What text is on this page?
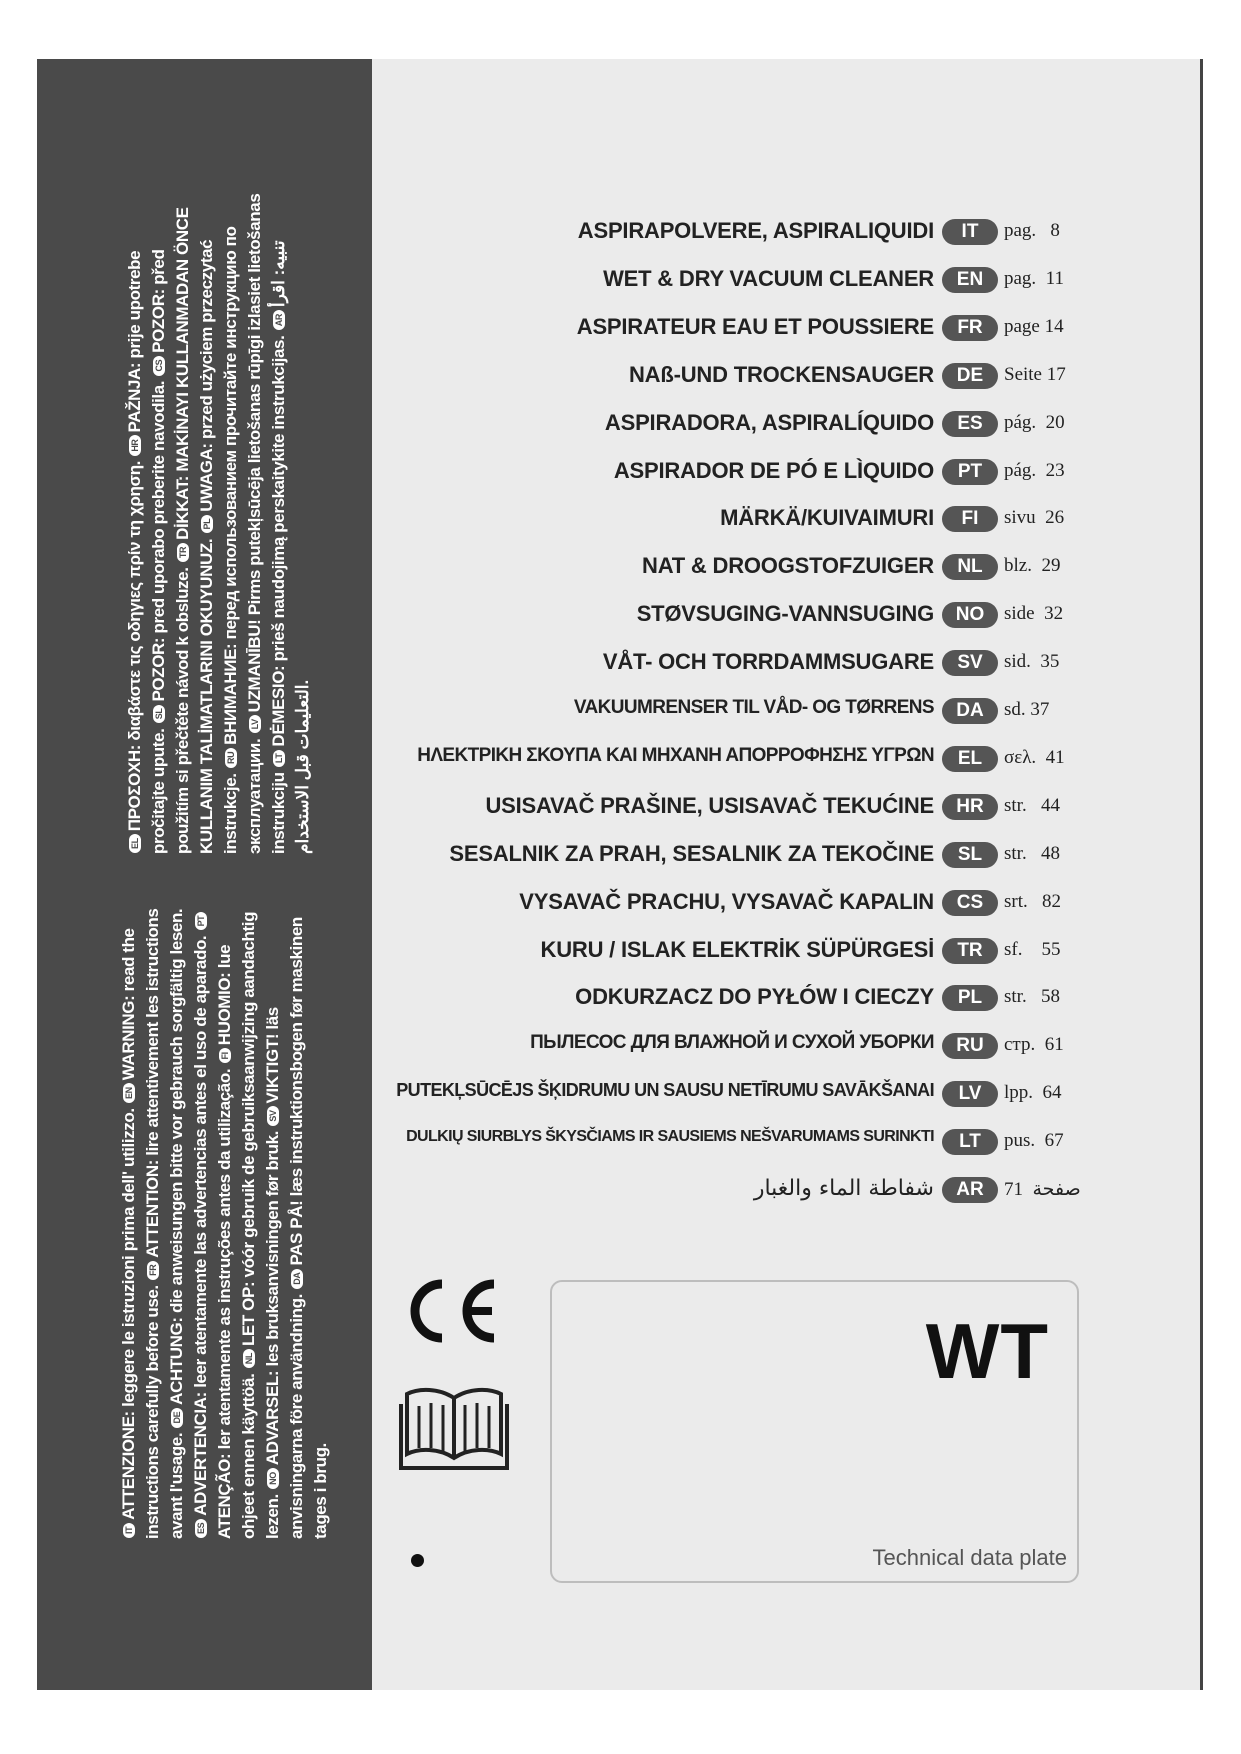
ITATTENZIONE: leggere le istruzioni prima dell' utilizzo. ENWARNING: read the instructions carefully before use. FRATTENTION: lire attentivement les istructions avant l'usage. DEACHTUNG: die anweisungen bitte vor gebrauch sorgfältig lesen. ESADVERTENCIA: leer atentamente las advertencias antes el uso de aparado. PTATENÇÃO: ler atentamente as instruções antes da utilização. FIHUOMIO: lue ohjeet ennen käyttöä. NLLET OP: vóór gebruik de gebruiksaanwijzing aandachtig lezen. NOADVARSEL: les bruksanvisningen før bruk. SVVIKTIGT! läs anvisningarna före användning. DAPAS PÅ! læs instruktionsbogen før maskinen tages i brug.

ELΠΡΟΣΟΧΗ: διαβάστε τις οδηγιες πρίν τη χρηση. HRPAŽNJA: prije upotrebe pročitajte upute. SLPOZOR: pred uporabo preberite navodila. CSPOZOR: před použitím si přečtěte návod k obsluze. TRDİKKAT: MAKİNAYI KULLANMADAN ÖNCE KULLANIM TALİMATLARINI OKUYUNUZ. PLUWAGA: przed użyciem przeczytać instrukcje. RUВНИМАНИЕ: перед использованием прочитайте инструкцию по эксплуатации. LVUZMANĪBU! Pirms putekļsūcēja lietošanas rūpīgi izlasiet lietošanas instrukciju LTDĖMESIO: prieš naudojimą perskaitykite instrukcijas. ARتنبيه: اقرأ التعليمات قبل الاستخدام.

ASPIRAPOLVERE, ASPIRALIQUIDI	IT	pag.   8
WET & DRY VACUUM CLEANER	EN	pag.  11
ASPIRATEUR EAU ET POUSSIERE	FR	page 14
NAß-UND TROCKENSAUGER	DE	Seite 17
ASPIRADORA, ASPIRALÍQUIDO	ES	pág.  20
ASPIRADOR DE PÓ E LÌQUIDO	PT	pág.  23
MÄRKÄ/KUIVAIMURI	FI	sivu  26
NAT & DROOGSTOFZUIGER	NL	blz.  29
STØVSUGING-VANNSUGING	NO	side  32
VÅT- OCH TORRDAMMSUGARE	SV	sid.  35
VAKUUMRENSER TIL VÅD- OG TØRRENS	DA	sd. 37
ΗΛΕΚΤΡΙΚΗ ΣΚΟΥΠΑ ΚΑΙ ΜΗΧΑΝΗ ΑΠΟΡΡΟΦΗΣΗΣ ΥΓΡΩΝ	EL	σελ.  41
USISAVAČ PRAŠINE, USISAVAČ TEKUĆINE	HR	str.   44
SESALNIK ZA PRAH, SESALNIK ZA TEKOČINE	SL	str.   48
VYSAVAČ PRACHU, VYSAVAČ KAPALIN	CS	srt.   82
KURU / ISLAK ELEKTRİK SÜPÜRGESİ	TR	sf.    55
ODKURZACZ DO PYŁÓW I CIECZY	PL	str.   58
ПЫЛЕСОС ДЛЯ ВЛАЖНОЙ И СУХОЙ УБОРКИ	RU	стр.  61
PUTEKĻSŪCĒJS ŠĶIDRUMU UN SAUSU NETĪRUMU SAVĀKŠANAI	LV	lpp.  64
DULKIŲ SIURBLYS ŠKYSČIAMS IR SAUSIEMS NEŠVARUMAMS SURINKTI	LT	pus.  67
شفاطة الماء والغبار	AR	صفحة  71
WT
Technical data plate
